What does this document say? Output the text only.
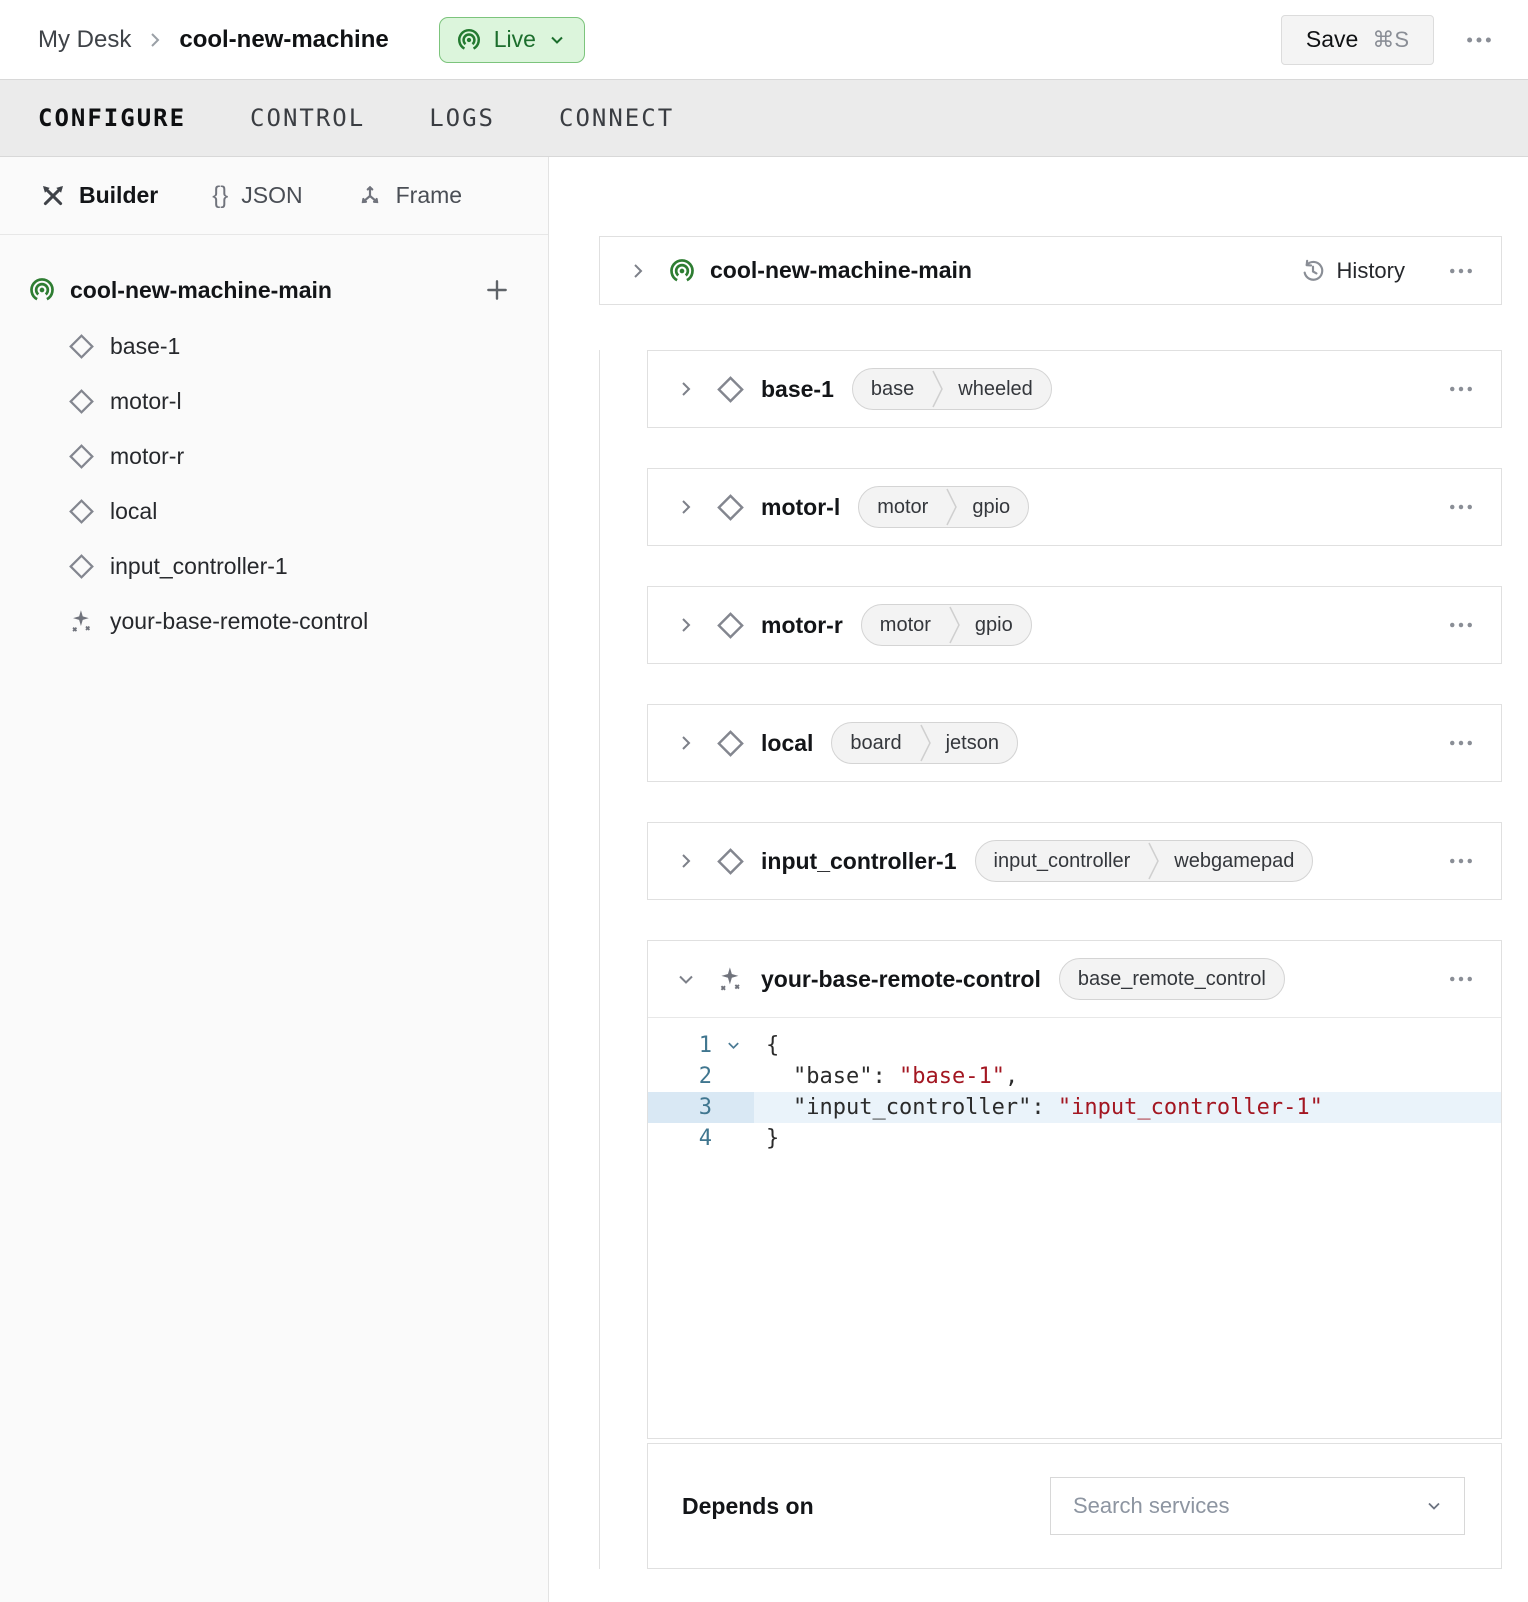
My Desk cool-new-machine	Live	Save ⌘S
CONFIGURE	CONTROL	LOGS	CONNECT
Builder {} JSON	Frame
cool-new-machine-main
base-1
motor-l
motor-r
local
input_controller-1
your-base-remote-control
cool-new-machine-main	History
base-1	base	wheeled
motor-l	motor	gpio
motor-r	motor	gpio
local	board	jetson
input_controller-1	input_controller	webgamepad
your-base-remote-control	base_remote_control
1	{
2	"base": "base-1",
3	"input_controller": "input_controller-1"
4	}
Depends on	Search services
